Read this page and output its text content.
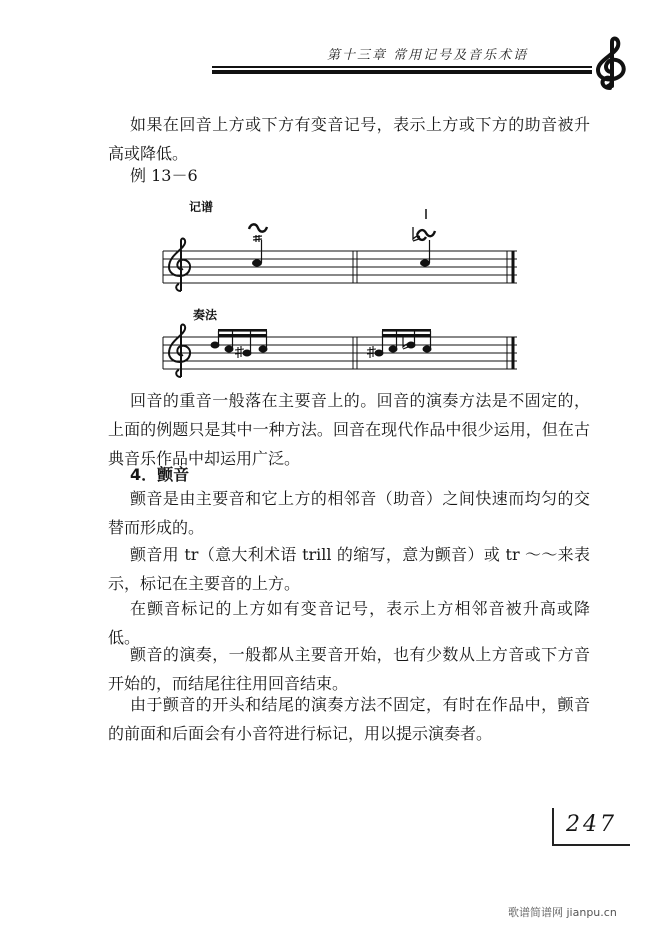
第十三章 常用记号及音乐术语

如果在回音上方或下方有变音记号，表示上方或下方的助音被升高或降低。

例 13－6
记谱
奏法

回音的重音一般落在主要音上的。回音的演奏方法是不固定的，上面的例题只是其中一种方法。回音在现代作品中很少运用，但在古典音乐作品中却运用广泛。

4．颤音

颤音是由主要音和它上方的相邻音（助音）之间快速而均匀的交替而形成的。

颤音用 tr（意大利术语 trill 的缩写，意为颤音）或 tr ～～来表示，标记在主要音的上方。

在颤音标记的上方如有变音记号，表示上方相邻音被升高或降低。

颤音的演奏，一般都从主要音开始，也有少数从上方音或下方音开始的，而结尾往往用回音结束。

由于颤音的开头和结尾的演奏方法不固定，有时在作品中，颤音的前面和后面会有小音符进行标记，用以提示演奏者。

247
歌谱简谱网 jianpu.cn
